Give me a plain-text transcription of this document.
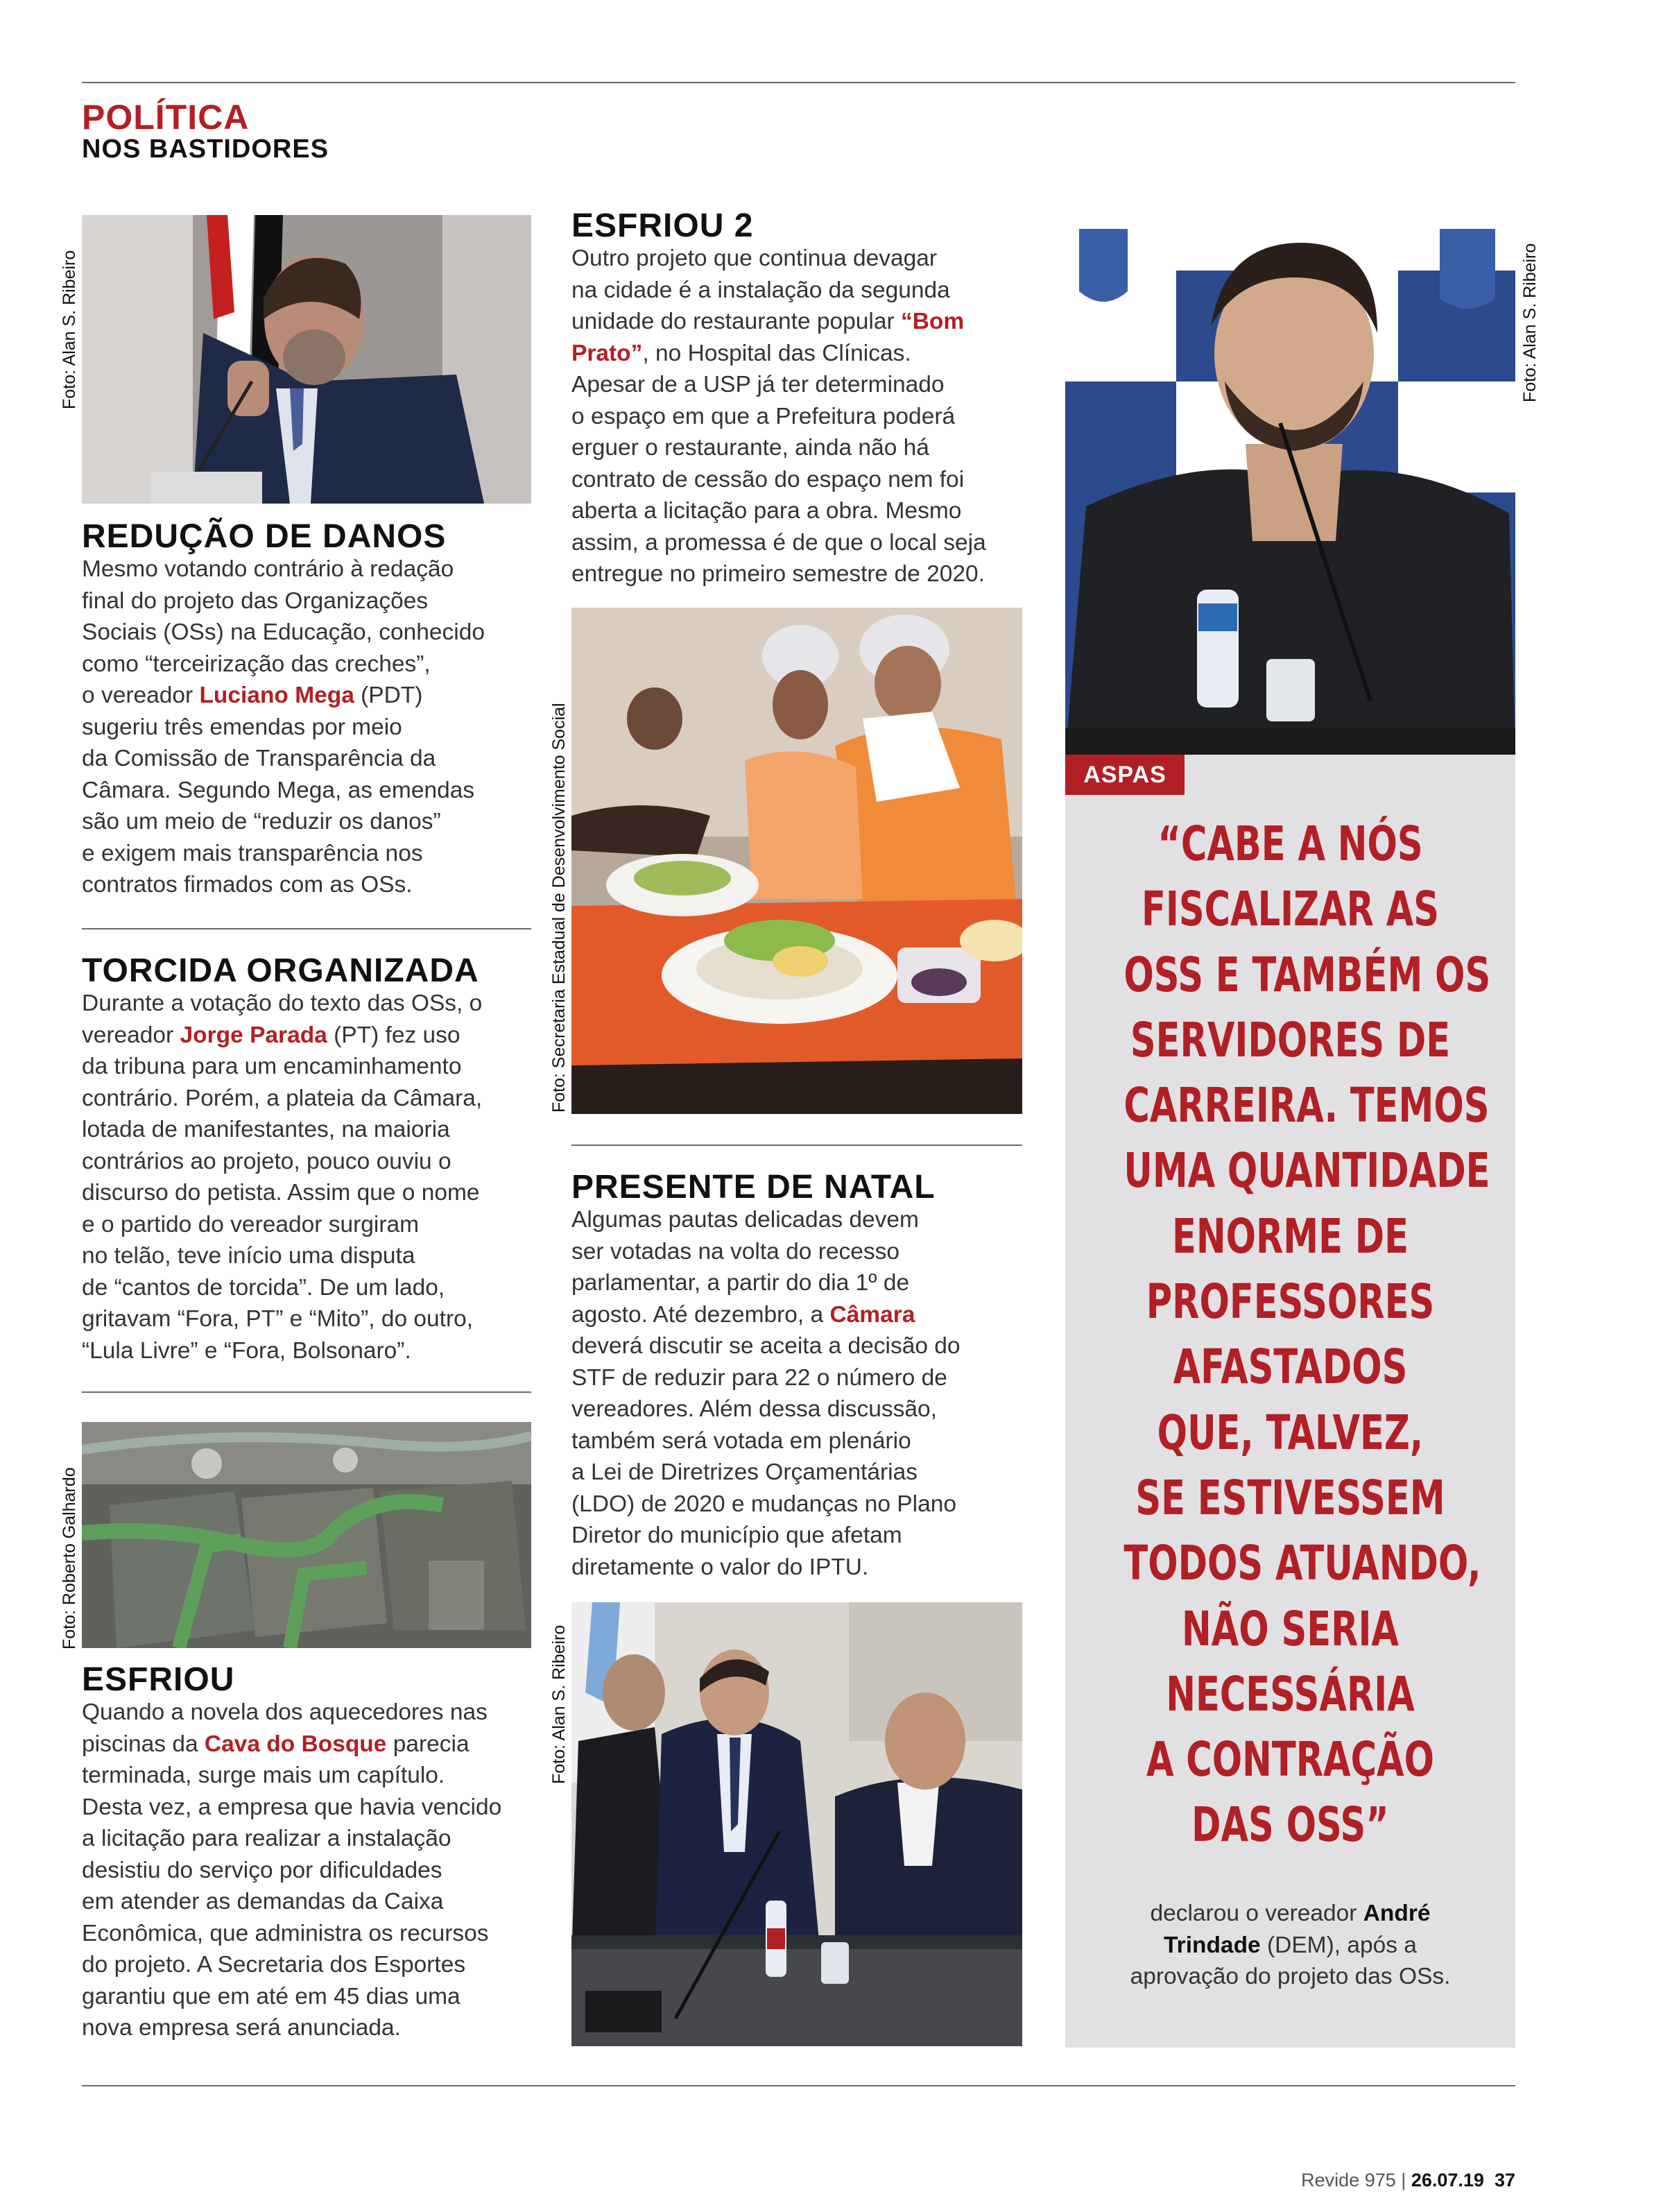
POLÍTICA
NOS BASTIDORES
Foto: Alan S. Ribeiro
REDUÇÃO DE DANOS

Mesmo votando contrário à redação
final do projeto das Organizações
Sociais (OSs) na Educação, conhecido
como “terceirização das creches”,
o vereador Luciano Mega (PDT)
sugeriu três emendas por meio
da Comissão de Transparência da
Câmara. Segundo Mega, as emendas
são um meio de “reduzir os danos”
e exigem mais transparência nos
contratos firmados com as OSs.

TORCIDA ORGANIZADA

Durante a votação do texto das OSs, o
vereador Jorge Parada (PT) fez uso
da tribuna para um encaminhamento
contrário. Porém, a plateia da Câmara,
lotada de manifestantes, na maioria
contrários ao projeto, pouco ouviu o
discurso do petista. Assim que o nome
e o partido do vereador surgiram
no telão, teve início uma disputa
de “cantos de torcida”. De um lado,
gritavam “Fora, PT” e “Mito”, do outro,
“Lula Livre” e “Fora, Bolsonaro”.

Foto: Roberto Galhardo
ESFRIOU

Quando a novela dos aquecedores nas
piscinas da Cava do Bosque parecia
terminada, surge mais um capítulo.
Desta vez, a empresa que havia vencido
a licitação para realizar a instalação
desistiu do serviço por dificuldades
em atender as demandas da Caixa
Econômica, que administra os recursos
do projeto. A Secretaria dos Esportes
garantiu que em até em 45 dias uma
nova empresa será anunciada.

ESFRIOU 2

Outro projeto que continua devagar
na cidade é a instalação da segunda
unidade do restaurante popular “Bom
Prato”, no Hospital das Clínicas.
Apesar de a USP já ter determinado
o espaço em que a Prefeitura poderá
erguer o restaurante, ainda não há
contrato de cessão do espaço nem foi
aberta a licitação para a obra. Mesmo
assim, a promessa é de que o local seja
entregue no primeiro semestre de 2020.

Foto: Secretaria Estadual de Desenvolvimento Social
PRESENTE DE NATAL

Algumas pautas delicadas devem
ser votadas na volta do recesso
parlamentar, a partir do dia 1º de
agosto. Até dezembro, a Câmara
deverá discutir se aceita a decisão do
STF de reduzir para 22 o número de
vereadores. Além dessa discussão,
também será votada em plenário
a Lei de Diretrizes Orçamentárias
(LDO) de 2020 e mudanças no Plano
Diretor do município que afetam
diretamente o valor do IPTU.

Foto: Alan S. Ribeiro
Foto: Alan S. Ribeiro
ASPAS

“CABE A NÓS
FISCALIZAR AS
OSS E TAMBÉM OS
SERVIDORES DE
CARREIRA. TEMOS
UMA QUANTIDADE
ENORME DE
PROFESSORES
AFASTADOS
QUE, TALVEZ,
SE ESTIVESSEM
TODOS ATUANDO,
NÃO SERIA
NECESSÁRIA
A CONTRAÇÃO
DAS OSS”

declarou o vereador André
Trindade (DEM), após a
aprovação do projeto das OSs.

Revide 975 | 26.07.19 37
